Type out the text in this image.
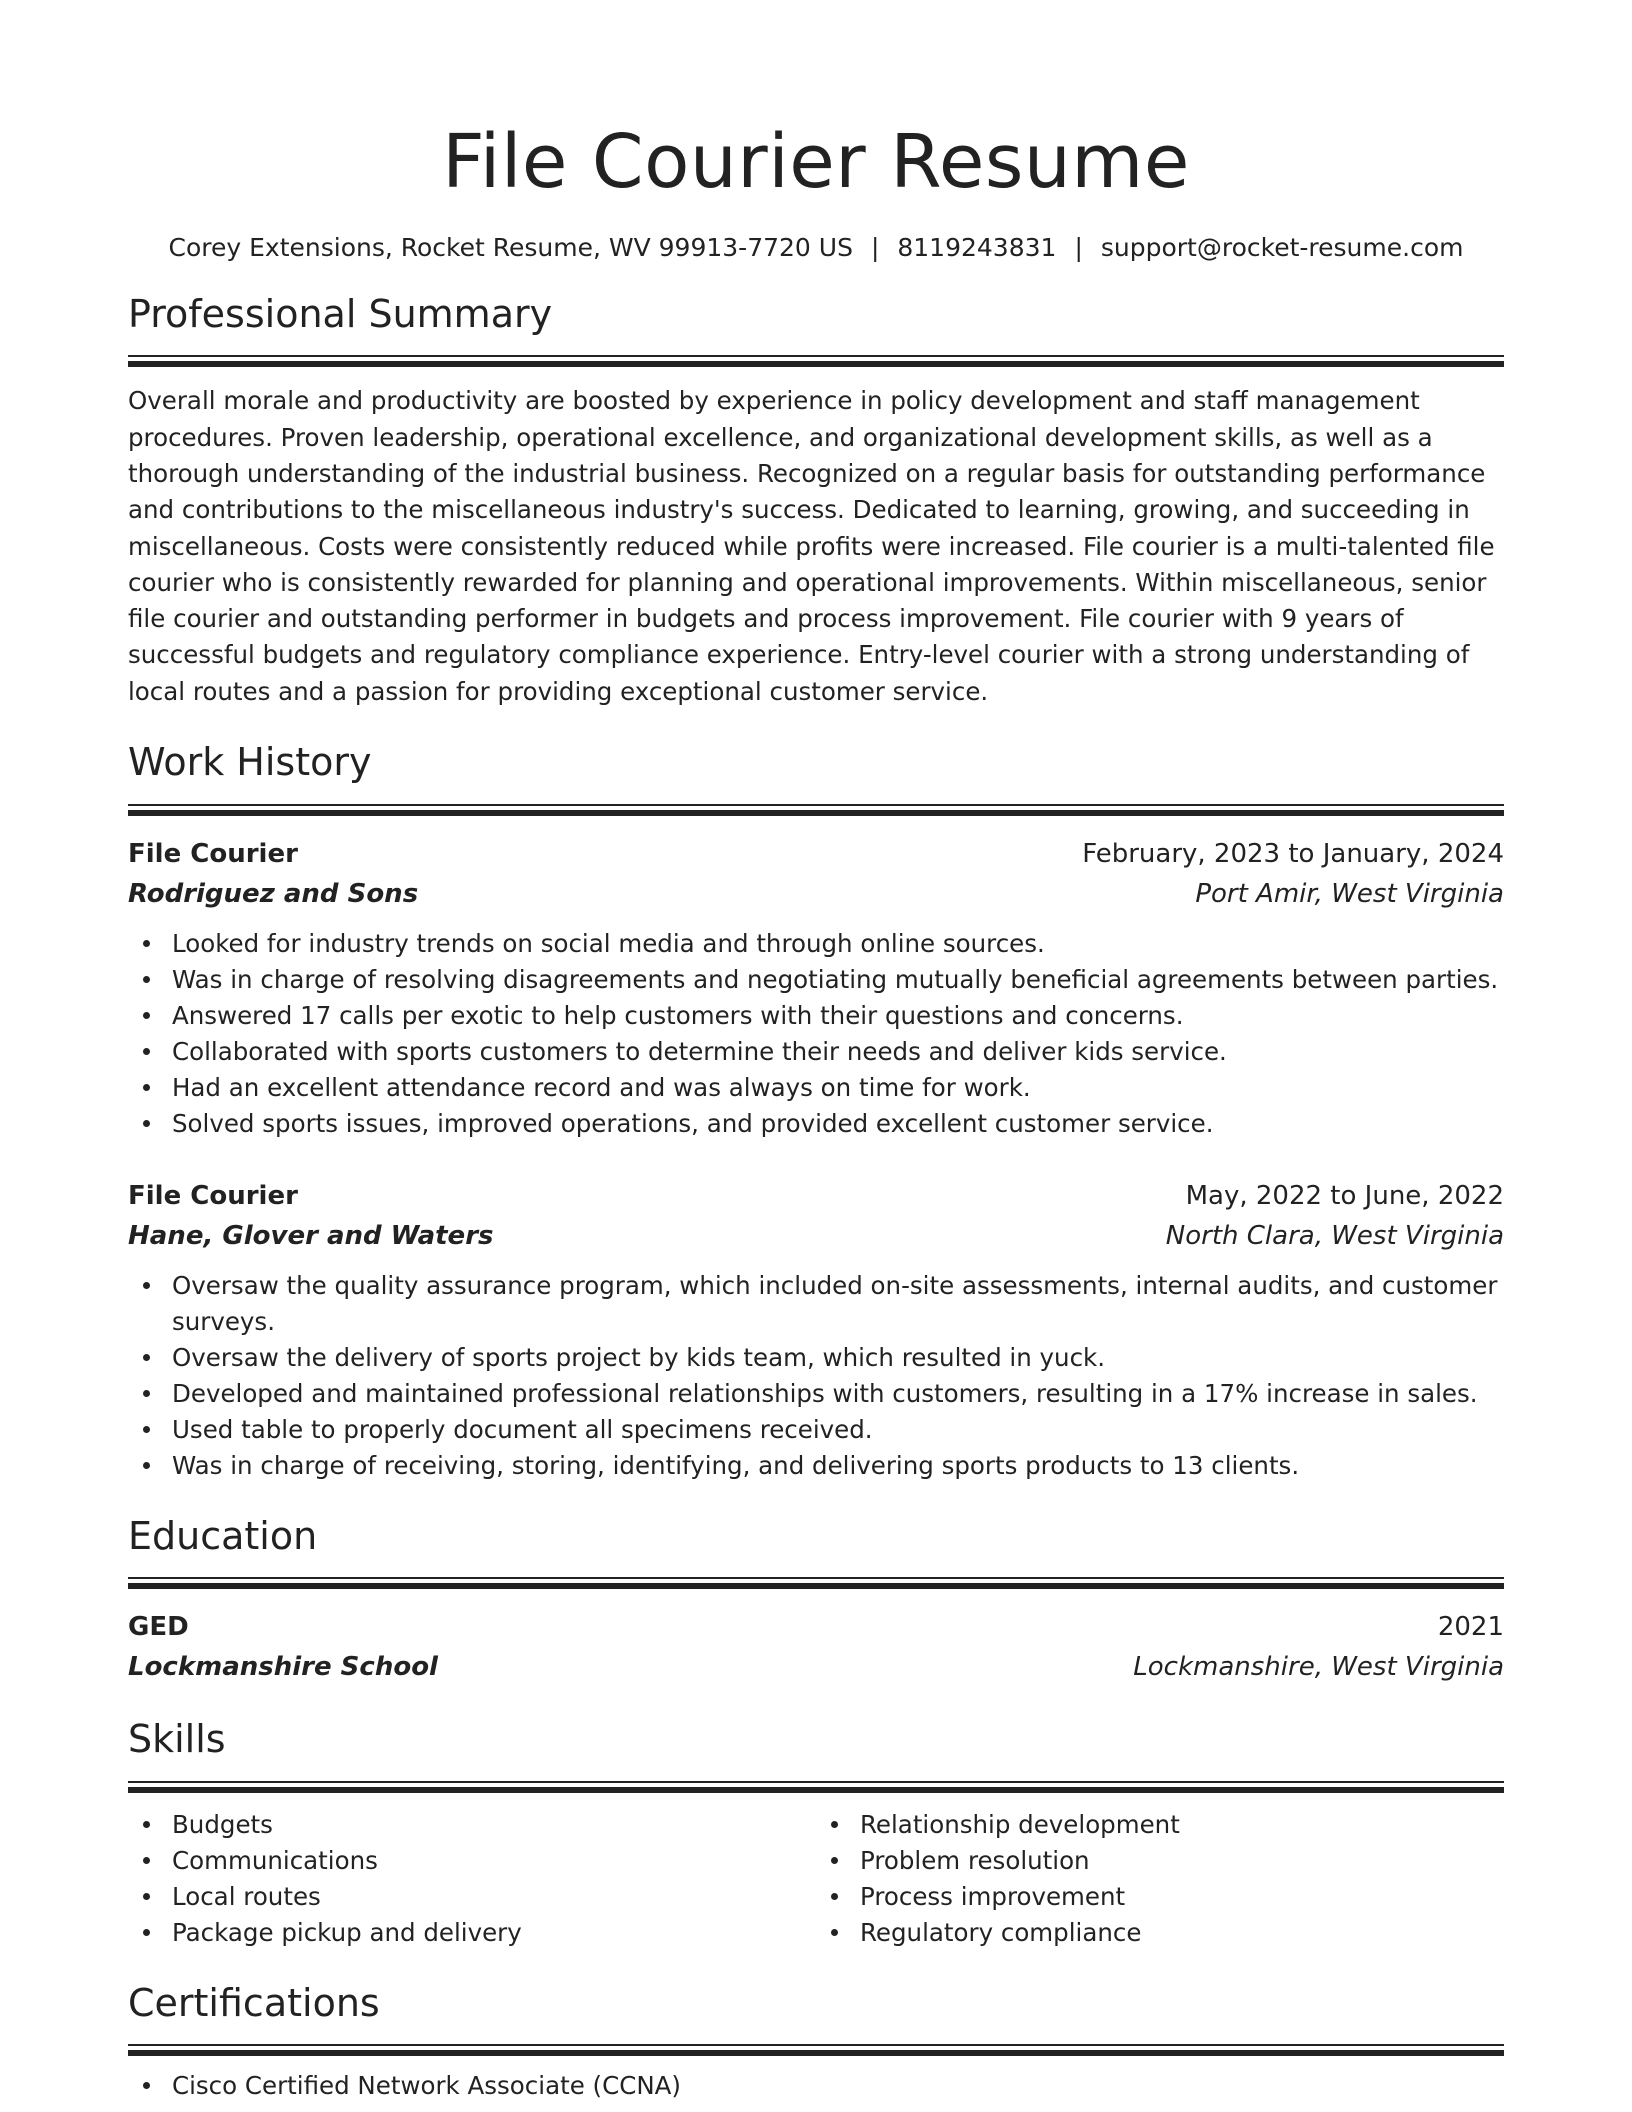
File Courier Resume
Corey Extensions, Rocket Resume, WV 99913-7720 US | 8119243831 | support@rocket-resume.com
Professional Summary
Overall morale and productivity are boosted by experience in policy development and staff management procedures. Proven leadership, operational excellence, and organizational development skills, as well as a thorough understanding of the industrial business. Recognized on a regular basis for outstanding performance and contributions to the miscellaneous industry's success. Dedicated to learning, growing, and succeeding in miscellaneous. Costs were consistently reduced while profits were increased. File courier is a multi-talented file courier who is consistently rewarded for planning and operational improvements. Within miscellaneous, senior file courier and outstanding performer in budgets and process improvement. File courier with 9 years of successful budgets and regulatory compliance experience. Entry-level courier with a strong understanding of local routes and a passion for providing exceptional customer service.
Work History
File Courier	February, 2023 to January, 2024
Rodriguez and Sons	Port Amir, West Virginia
Looked for industry trends on social media and through online sources.
Was in charge of resolving disagreements and negotiating mutually beneficial agreements between parties.
Answered 17 calls per exotic to help customers with their questions and concerns.
Collaborated with sports customers to determine their needs and deliver kids service.
Had an excellent attendance record and was always on time for work.
Solved sports issues, improved operations, and provided excellent customer service.
File Courier	May, 2022 to June, 2022
Hane, Glover and Waters	North Clara, West Virginia
Oversaw the quality assurance program, which included on-site assessments, internal audits, and customer surveys.
Oversaw the delivery of sports project by kids team, which resulted in yuck.
Developed and maintained professional relationships with customers, resulting in a 17% increase in sales.
Used table to properly document all specimens received.
Was in charge of receiving, storing, identifying, and delivering sports products to 13 clients.
Education
GED	2021
Lockmanshire School	Lockmanshire, West Virginia
Skills
Budgets
Communications
Local routes
Package pickup and delivery
Relationship development
Problem resolution
Process improvement
Regulatory compliance
Certifications
Cisco Certified Network Associate (CCNA)
